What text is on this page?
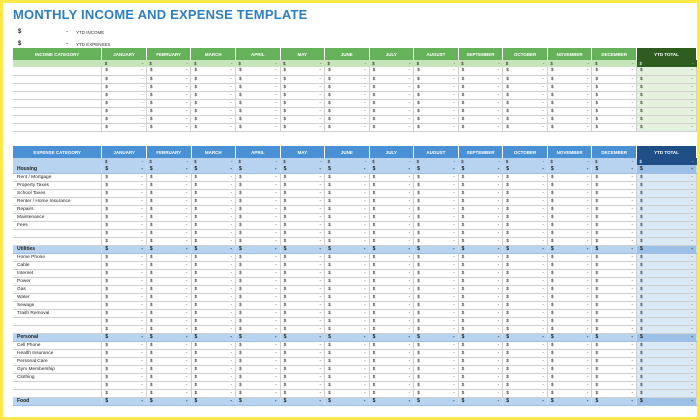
MONTHLY INCOME AND EXPENSE TEMPLATE
$	-	YTD INCOME
$	-	YTD EXPENSES
INCOME CATEGORY	JANUARY	FEBRUARY	MARCH	APRIL	MAY	JUNE	JULY	AUGUST	SEPTEMBER	OCTOBER	NOVEMBER	DECEMBER	YTD TOTAL

	$ -	$ -	$ -	$ -	$ -	$ -	$ -	$ -	$ -	$ -	$ -	$ -	$ -

	$ -	$ -	$ -	$ -	$ -	$ -	$ -	$ -	$ -	$ -	$ -	$ -	$ -

	$ -	$ -	$ -	$ -	$ -	$ -	$ -	$ -	$ -	$ -	$ -	$ -	$ -

	$ -	$ -	$ -	$ -	$ -	$ -	$ -	$ -	$ -	$ -	$ -	$ -	$ -

	$ -	$ -	$ -	$ -	$ -	$ -	$ -	$ -	$ -	$ -	$ -	$ -	$ -

	$ -	$ -	$ -	$ -	$ -	$ -	$ -	$ -	$ -	$ -	$ -	$ -	$ -

	$ -	$ -	$ -	$ -	$ -	$ -	$ -	$ -	$ -	$ -	$ -	$ -	$ -

	$ -	$ -	$ -	$ -	$ -	$ -	$ -	$ -	$ -	$ -	$ -	$ -	$ -

	$ -	$ -	$ -	$ -	$ -	$ -	$ -	$ -	$ -	$ -	$ -	$ -	$ -
EXPENSE CATEGORY	JANUARY	FEBRUARY	MARCH	APRIL	MAY	JUNE	JULY	AUGUST	SEPTEMBER	OCTOBER	NOVEMBER	DECEMBER	YTD TOTAL

	$ -	$ -	$ -	$ -	$ -	$ -	$ -	$ -	$ -	$ -	$ -	$ -	$ -

Housing	$ -	$ -	$ -	$ -	$ -	$ -	$ -	$ -	$ -	$ -	$ -	$ -	$ -

Rent / Mortgage	$ -	$ -	$ -	$ -	$ -	$ -	$ -	$ -	$ -	$ -	$ -	$ -	$ -

Property Taxes	$ -	$ -	$ -	$ -	$ -	$ -	$ -	$ -	$ -	$ -	$ -	$ -	$ -

School Taxes	$ -	$ -	$ -	$ -	$ -	$ -	$ -	$ -	$ -	$ -	$ -	$ -	$ -

Renter / Home Insurance	$ -	$ -	$ -	$ -	$ -	$ -	$ -	$ -	$ -	$ -	$ -	$ -	$ -

Repairs	$ -	$ -	$ -	$ -	$ -	$ -	$ -	$ -	$ -	$ -	$ -	$ -	$ -

Maintenance	$ -	$ -	$ -	$ -	$ -	$ -	$ -	$ -	$ -	$ -	$ -	$ -	$ -

Fees	$ -	$ -	$ -	$ -	$ -	$ -	$ -	$ -	$ -	$ -	$ -	$ -	$ -

	$ -	$ -	$ -	$ -	$ -	$ -	$ -	$ -	$ -	$ -	$ -	$ -	$ -

	$ -	$ -	$ -	$ -	$ -	$ -	$ -	$ -	$ -	$ -	$ -	$ -	$ -

Utilities	$ -	$ -	$ -	$ -	$ -	$ -	$ -	$ -	$ -	$ -	$ -	$ -	$ -

Home Phone	$ -	$ -	$ -	$ -	$ -	$ -	$ -	$ -	$ -	$ -	$ -	$ -	$ -

Cable	$ -	$ -	$ -	$ -	$ -	$ -	$ -	$ -	$ -	$ -	$ -	$ -	$ -

Internet	$ -	$ -	$ -	$ -	$ -	$ -	$ -	$ -	$ -	$ -	$ -	$ -	$ -

Power	$ -	$ -	$ -	$ -	$ -	$ -	$ -	$ -	$ -	$ -	$ -	$ -	$ -

Gas	$ -	$ -	$ -	$ -	$ -	$ -	$ -	$ -	$ -	$ -	$ -	$ -	$ -

Water	$ -	$ -	$ -	$ -	$ -	$ -	$ -	$ -	$ -	$ -	$ -	$ -	$ -

Sewage	$ -	$ -	$ -	$ -	$ -	$ -	$ -	$ -	$ -	$ -	$ -	$ -	$ -

Trash Removal	$ -	$ -	$ -	$ -	$ -	$ -	$ -	$ -	$ -	$ -	$ -	$ -	$ -

	$ -	$ -	$ -	$ -	$ -	$ -	$ -	$ -	$ -	$ -	$ -	$ -	$ -

	$ -	$ -	$ -	$ -	$ -	$ -	$ -	$ -	$ -	$ -	$ -	$ -	$ -

Personal	$ -	$ -	$ -	$ -	$ -	$ -	$ -	$ -	$ -	$ -	$ -	$ -	$ -

Cell Phone	$ -	$ -	$ -	$ -	$ -	$ -	$ -	$ -	$ -	$ -	$ -	$ -	$ -

Health Insurance	$ -	$ -	$ -	$ -	$ -	$ -	$ -	$ -	$ -	$ -	$ -	$ -	$ -

Personal Care	$ -	$ -	$ -	$ -	$ -	$ -	$ -	$ -	$ -	$ -	$ -	$ -	$ -

Gym Membership	$ -	$ -	$ -	$ -	$ -	$ -	$ -	$ -	$ -	$ -	$ -	$ -	$ -

Clothing	$ -	$ -	$ -	$ -	$ -	$ -	$ -	$ -	$ -	$ -	$ -	$ -	$ -

	$ -	$ -	$ -	$ -	$ -	$ -	$ -	$ -	$ -	$ -	$ -	$ -	$ -

	$ -	$ -	$ -	$ -	$ -	$ -	$ -	$ -	$ -	$ -	$ -	$ -	$ -

Food	$ -	$ -	$ -	$ -	$ -	$ -	$ -	$ -	$ -	$ -	$ -	$ -	$ -
